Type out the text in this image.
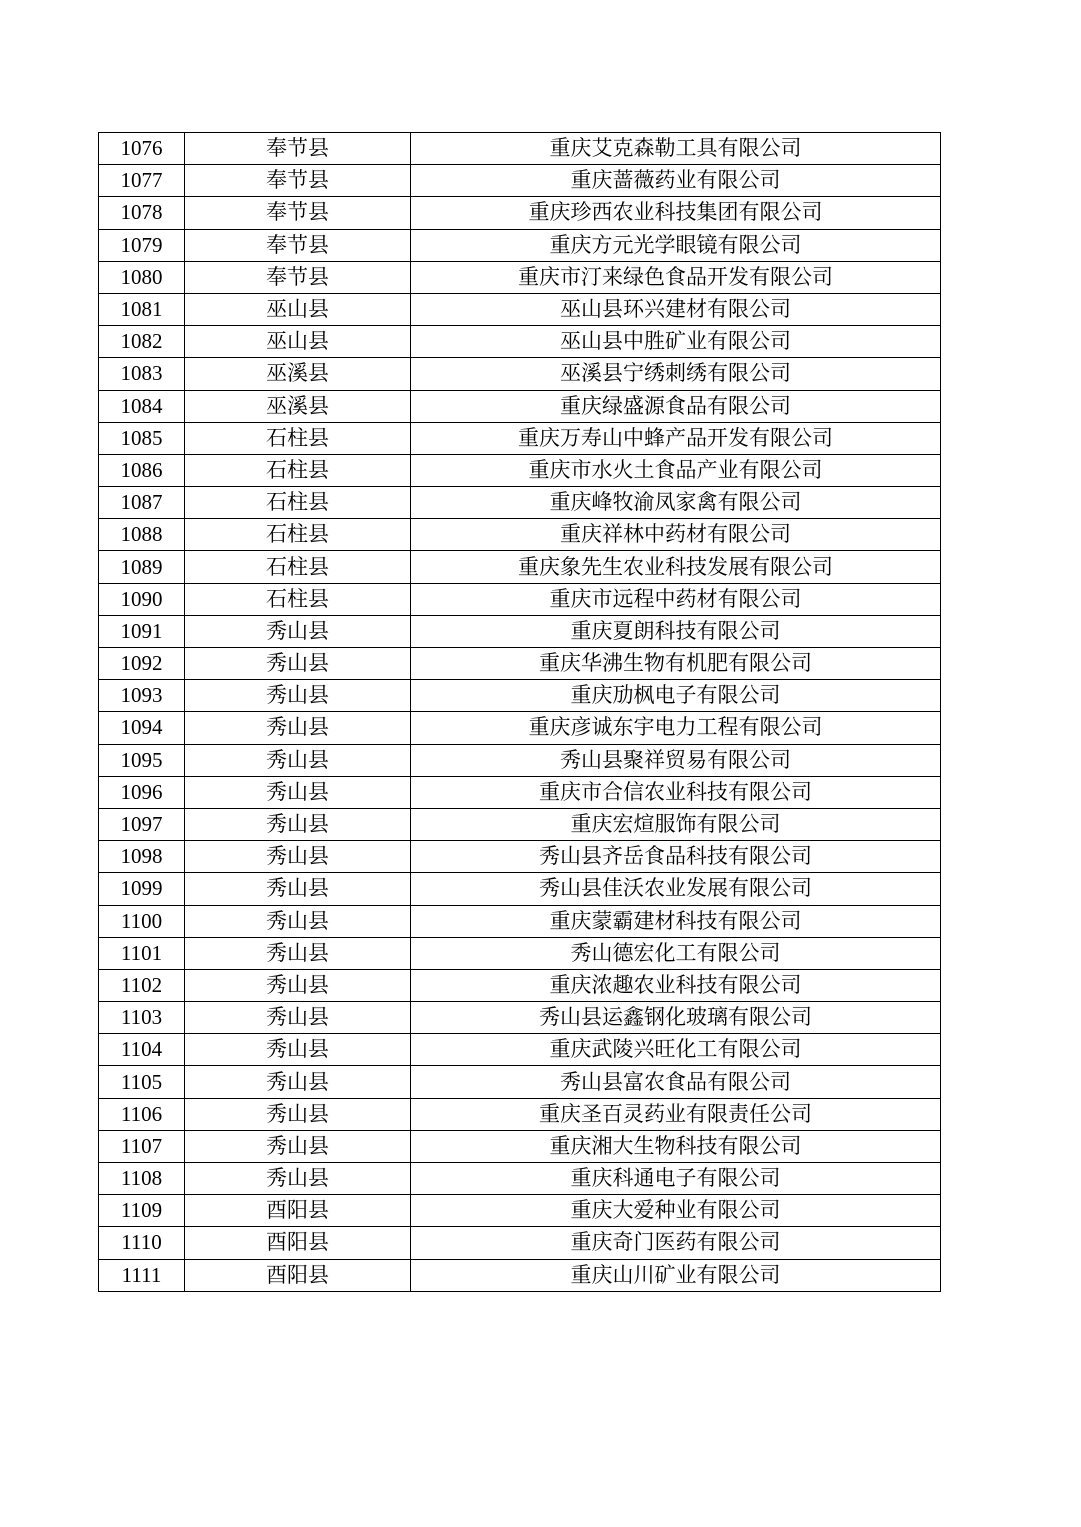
1076	奉节县	重庆艾克森勒工具有限公司
1077	奉节县	重庆蔷薇药业有限公司
1078	奉节县	重庆珍西农业科技集团有限公司
1079	奉节县	重庆方元光学眼镜有限公司
1080	奉节县	重庆市汀来绿色食品开发有限公司
1081	巫山县	巫山县环兴建材有限公司
1082	巫山县	巫山县中胜矿业有限公司
1083	巫溪县	巫溪县宁绣刺绣有限公司
1084	巫溪县	重庆绿盛源食品有限公司
1085	石柱县	重庆万寿山中蜂产品开发有限公司
1086	石柱县	重庆市水火土食品产业有限公司
1087	石柱县	重庆峰牧渝凤家禽有限公司
1088	石柱县	重庆祥林中药材有限公司
1089	石柱县	重庆象先生农业科技发展有限公司
1090	石柱县	重庆市远程中药材有限公司
1091	秀山县	重庆夏朗科技有限公司
1092	秀山县	重庆华沸生物有机肥有限公司
1093	秀山县	重庆劢枫电子有限公司
1094	秀山县	重庆彦诚东宇电力工程有限公司
1095	秀山县	秀山县聚祥贸易有限公司
1096	秀山县	重庆市合信农业科技有限公司
1097	秀山县	重庆宏煊服饰有限公司
1098	秀山县	秀山县齐岳食品科技有限公司
1099	秀山县	秀山县佳沃农业发展有限公司
1100	秀山县	重庆蒙霸建材科技有限公司
1101	秀山县	秀山德宏化工有限公司
1102	秀山县	重庆浓趣农业科技有限公司
1103	秀山县	秀山县运鑫钢化玻璃有限公司
1104	秀山县	重庆武陵兴旺化工有限公司
1105	秀山县	秀山县富农食品有限公司
1106	秀山县	重庆圣百灵药业有限责任公司
1107	秀山县	重庆湘大生物科技有限公司
1108	秀山县	重庆科通电子有限公司
1109	酉阳县	重庆大爱种业有限公司
1110	酉阳县	重庆奇门医药有限公司
1111	酉阳县	重庆山川矿业有限公司
